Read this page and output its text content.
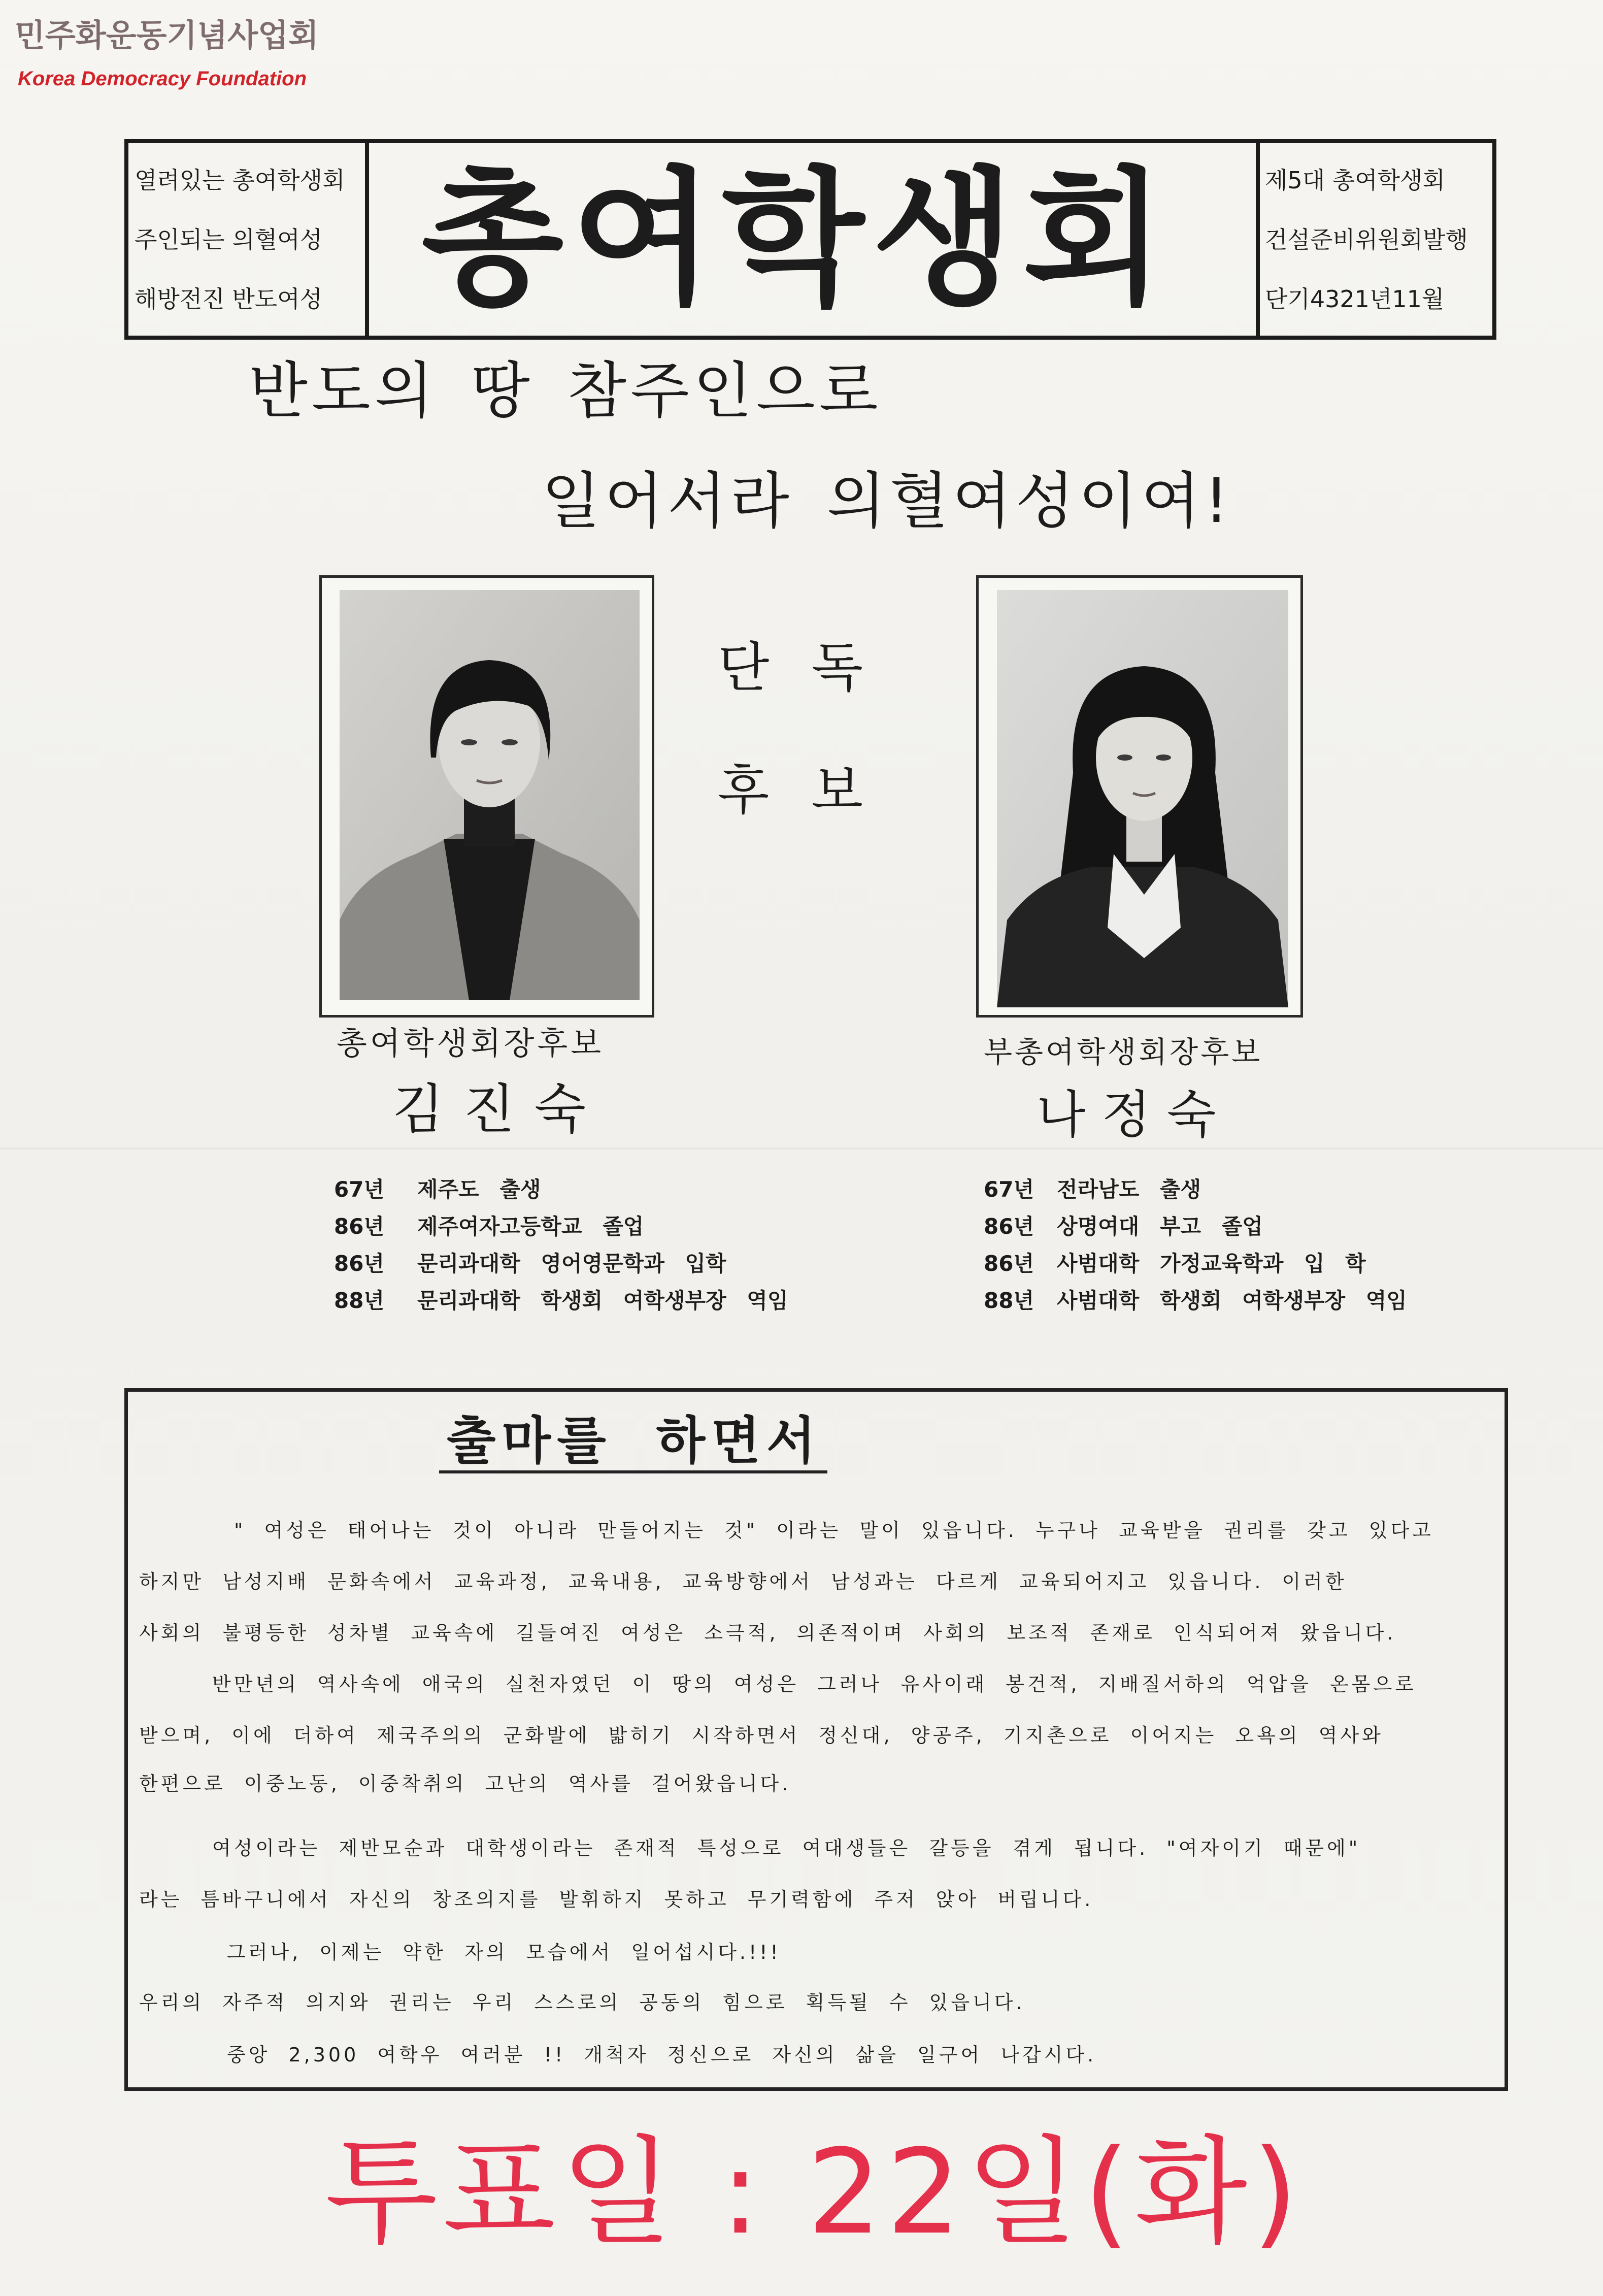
민주화운동기념사업회
Korea Democracy Foundation
열려있는 총여학생회
주인되는 의혈여성
해방전진 반도여성 총여학생회	제5대 총여학생회
건설준비위원회발행
단기4321년11월
반도의 땅 참주인으로
일어서라 의혈여성이여!
단 독
후 보
총여학생회장후보
김 진 숙
부총여학생회장후보
나 정 숙
67년 제주도 출생
86년 제주여자고등학교 졸업
86년 문리과대학 영어영문학과 입학
88년 문리과대학 학생회 여학생부장 역임
67년 전라남도 출생
86년 상명여대 부고 졸업
86년 사범대학 가정교육학과 입 학
88년 사범대학 학생회 여학생부장 역임
출마를 하면서
" 여성은 태어나는 것이 아니라 만들어지는 것" 이라는 말이 있읍니다. 누구나 교육받을 권리를 갖고 있다고
하지만 남성지배 문화속에서 교육과정, 교육내용, 교육방향에서 남성과는 다르게 교육되어지고 있읍니다. 이러한
사회의 불평등한 성차별 교육속에 길들여진 여성은 소극적, 의존적이며 사회의 보조적 존재로 인식되어져 왔읍니다.
반만년의 역사속에 애국의 실천자였던 이 땅의 여성은 그러나 유사이래 봉건적, 지배질서하의 억압을 온몸으로
받으며, 이에 더하여 제국주의의 군화발에 밟히기 시작하면서 정신대, 양공주, 기지촌으로 이어지는 오욕의 역사와
한편으로 이중노동, 이중착취의 고난의 역사를 걸어왔읍니다.
여성이라는 제반모순과 대학생이라는 존재적 특성으로 여대생들은 갈등을 겪게 됩니다. "여자이기 때문에"
라는 틈바구니에서 자신의 창조의지를 발휘하지 못하고 무기력함에 주저 앉아 버립니다.
그러나, 이제는 약한 자의 모습에서 일어섭시다.!!!
우리의 자주적 의지와 권리는 우리 스스로의 공동의 힘으로 획득될 수 있읍니다.
중앙 2,300 여학우 여러분 !! 개척자 정신으로 자신의 삶을 일구어 나갑시다.
투표일 : 22일(화)
